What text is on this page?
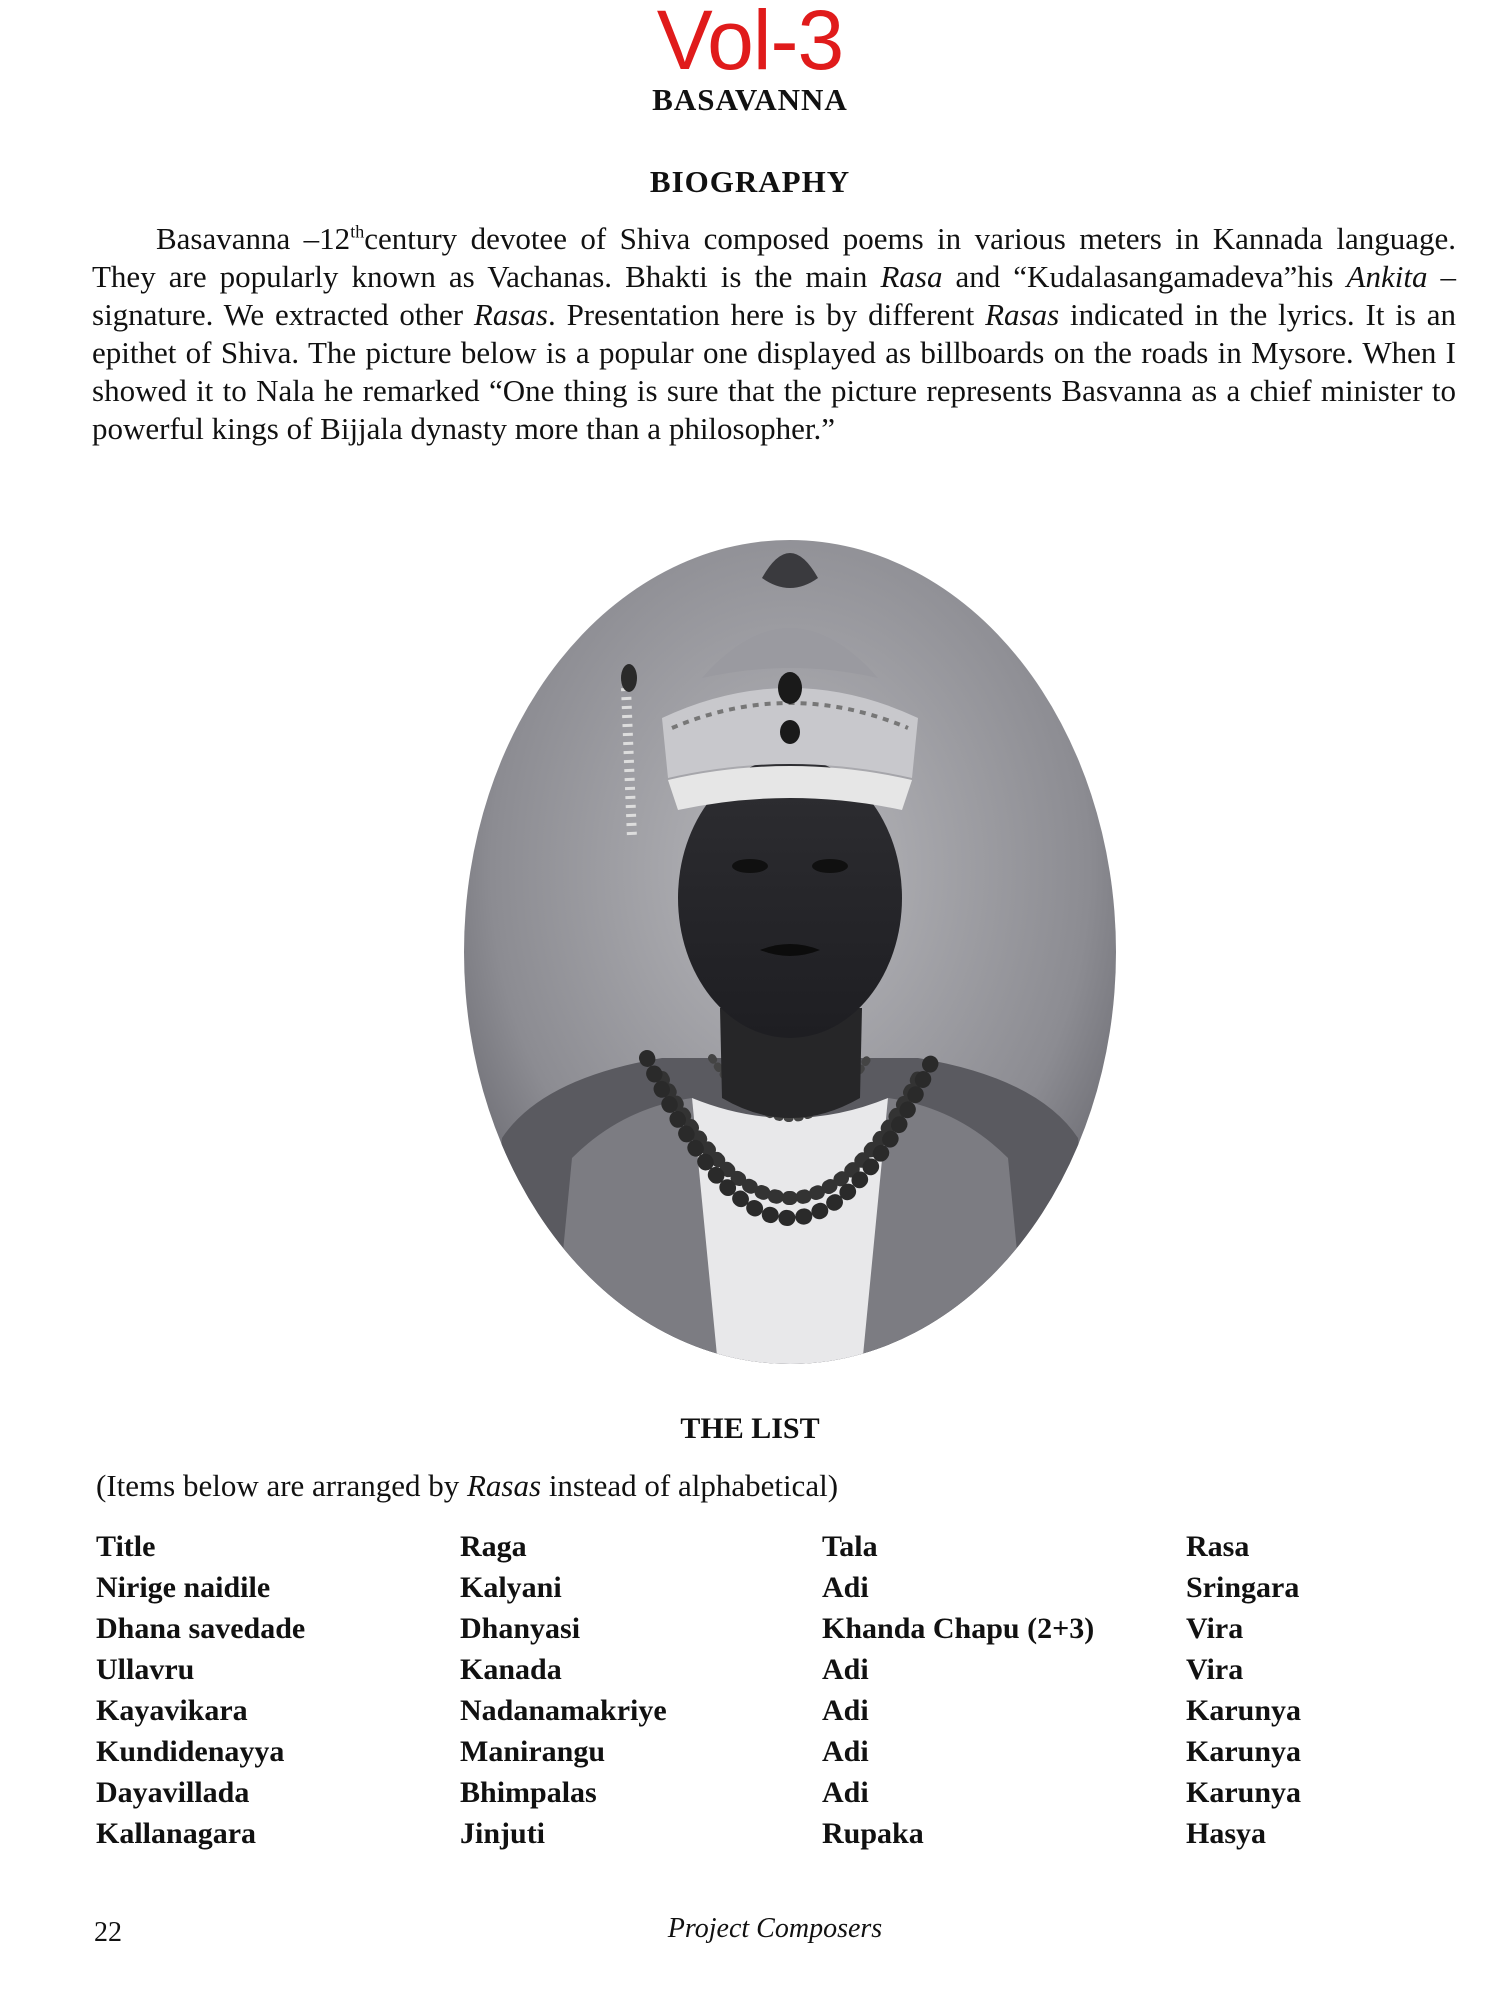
Vol-3
BASAVANNA
BIOGRAPHY

Basavanna –12thcentury devotee of Shiva composed poems in various meters in Kannada language. They are popularly known as Vachanas. Bhakti is the main Rasa and “Kudalasangamadeva”his Ankita – signature. We extracted other Rasas. Presentation here is by different Rasas indicated in the lyrics. It is an epithet of Shiva. The picture below is a popular one displayed as billboards on the roads in Mysore. When I showed it to Nala he remarked “One thing is sure that the picture represents Basvanna as a chief minister to powerful kings of Bijjala dynasty more than a philosopher.”

THE LIST
(Items below are arranged by Rasas instead of alphabetical)
Title	Raga	Tala	Rasa
Nirige naidile	Kalyani	Adi	Sringara
Dhana savedade	Dhanyasi	Khanda Chapu (2+3)	Vira
Ullavru	Kanada	Adi	Vira
Kayavikara	Nadanamakriye	Adi	Karunya
Kundidenayya	Manirangu	Adi	Karunya
Dayavillada	Bhimpalas	Adi	Karunya
Kallanagara	Jinjuti	Rupaka	Hasya
22	Project Composers
